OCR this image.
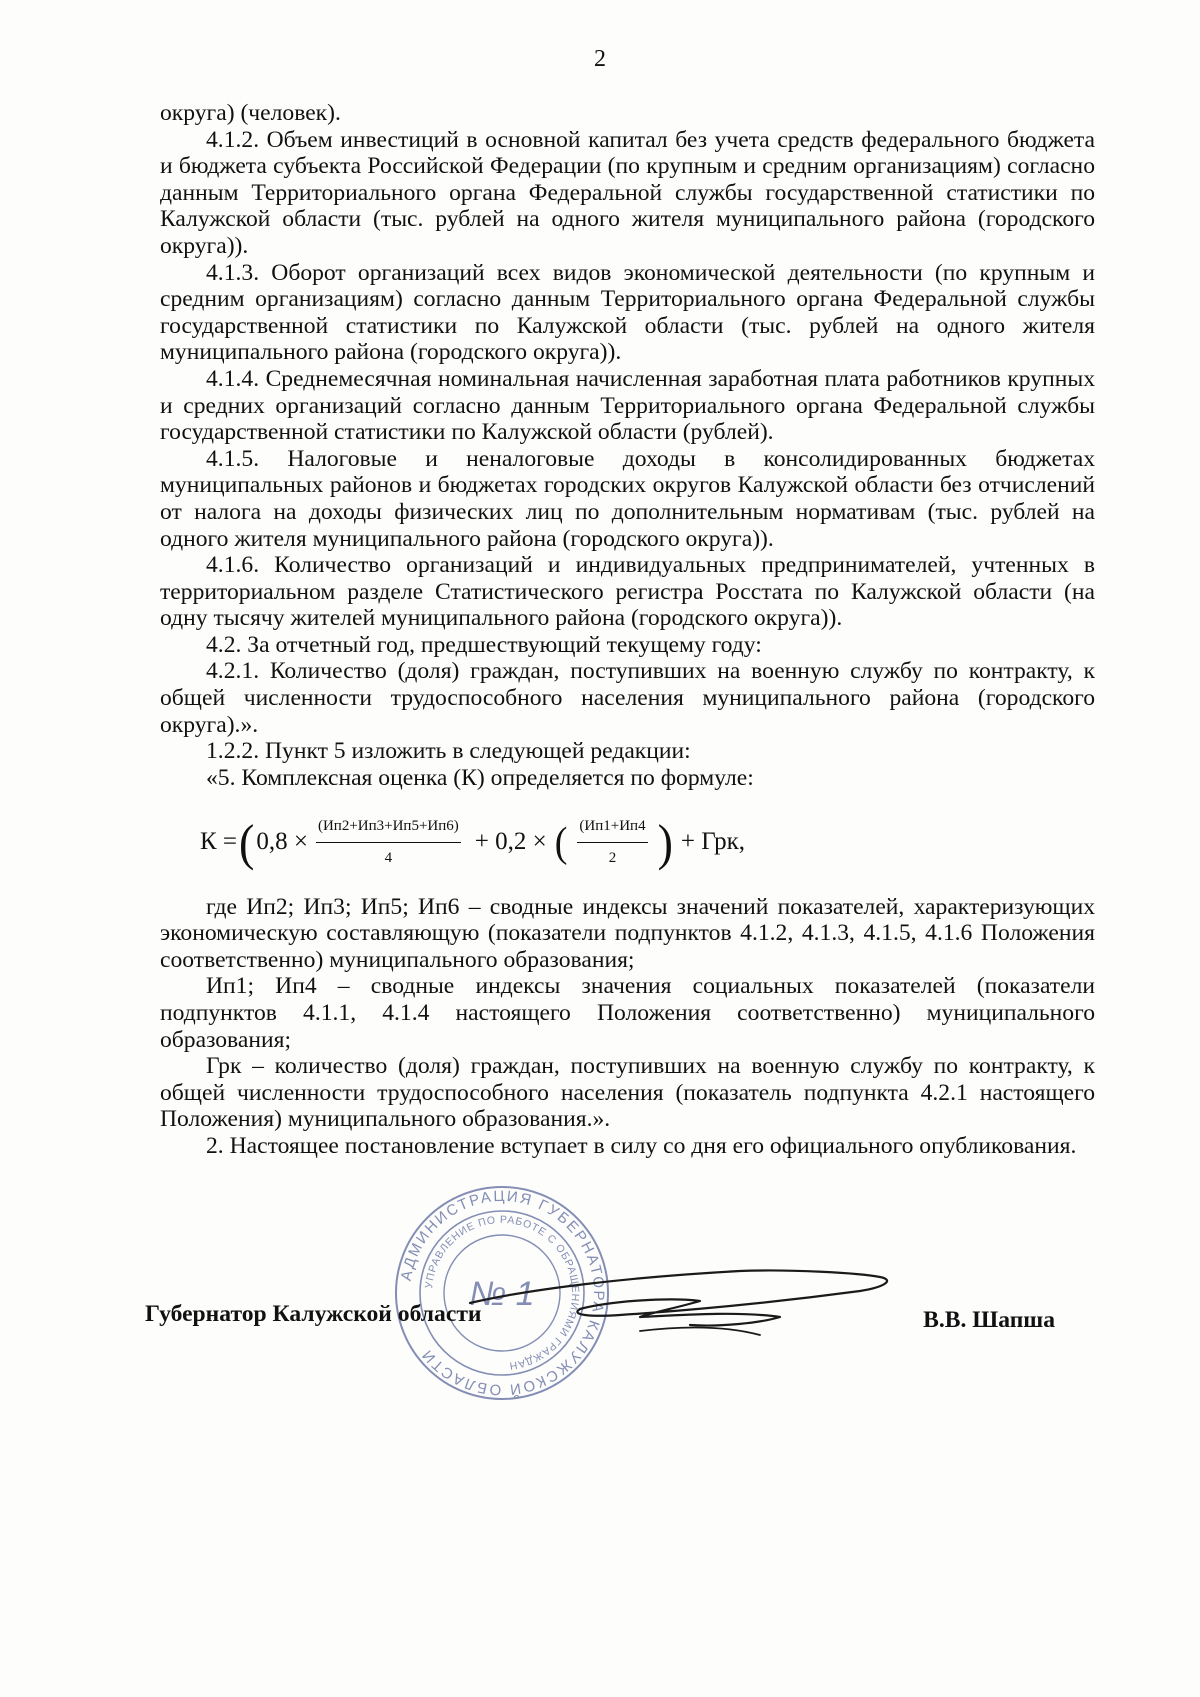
2

округа) (человек).

4.1.2. Объем инвестиций в основной капитал без учета средств федерального бюджета и бюджета субъекта Российской Федерации (по крупным и средним организациям) согласно данным Территориального органа Федеральной службы государственной статистики по Калужской области (тыс. рублей на одного жителя муниципального района (городского округа)).

4.1.3. Оборот организаций всех видов экономической деятельности (по крупным и средним организациям) согласно данным Территориального органа Федеральной службы государственной статистики по Калужской области (тыс. рублей на одного жителя муниципального района (городского округа)).

4.1.4. Среднемесячная номинальная начисленная заработная плата работников крупных и средних организаций согласно данным Территориального органа Федеральной службы государственной статистики по Калужской области (рублей).

4.1.5. Налоговые и неналоговые доходы в консолидированных бюджетах муниципальных районов и бюджетах городских округов Калужской области без отчислений от налога на доходы физических лиц по дополнительным нормативам (тыс. рублей на одного жителя муниципального района (городского округа)).

4.1.6. Количество организаций и индивидуальных предпринимателей, учтенных в территориальном разделе Статистического регистра Росстата по Калужской области (на одну тысячу жителей муниципального района (городского округа)).

4.2. За отчетный год, предшествующий текущему году:

4.2.1. Количество (доля) граждан, поступивших на военную службу по контракту, к общей численности трудоспособного населения муниципального района (городского округа).».

1.2.2. Пункт 5 изложить в следующей редакции:

«5. Комплексная оценка (К) определяется по формуле:

К = ( $0,8 \times \frac{(Ип2+Ип3+Ип5+Ип6)}{4} + 0,2$ × ( $\frac{(Ип1+Ип4}{2}$ ) + Грк,

где Ип2; Ип3; Ип5; Ип6 – сводные индексы значений показателей, характеризующих экономическую составляющую (показатели подпунктов 4.1.2, 4.1.3, 4.1.5, 4.1.6 Положения соответственно) муниципального образования;

Ип1; Ип4 – сводные индексы значения социальных показателей (показатели подпунктов 4.1.1, 4.1.4 настоящего Положения соответственно) муниципального образования;

Грк – количество (доля) граждан, поступивших на военную службу по контракту, к общей численности трудоспособного населения (показатель подпункта 4.2.1 настоящего Положения) муниципального образования.».

2. Настоящее постановление вступает в силу со дня его официального опубликования.

АДМИНИСТРАЦИЯ ГУБЕРНАТОРА КАЛУЖСКОЙ ОБЛАСТИ
УПРАВЛЕНИЕ ПО РАБОТЕ С ОБРАЩЕНИЯМИ ГРАЖДАН
№ 1
Губернатор Калужской области	В.В. Шапша
